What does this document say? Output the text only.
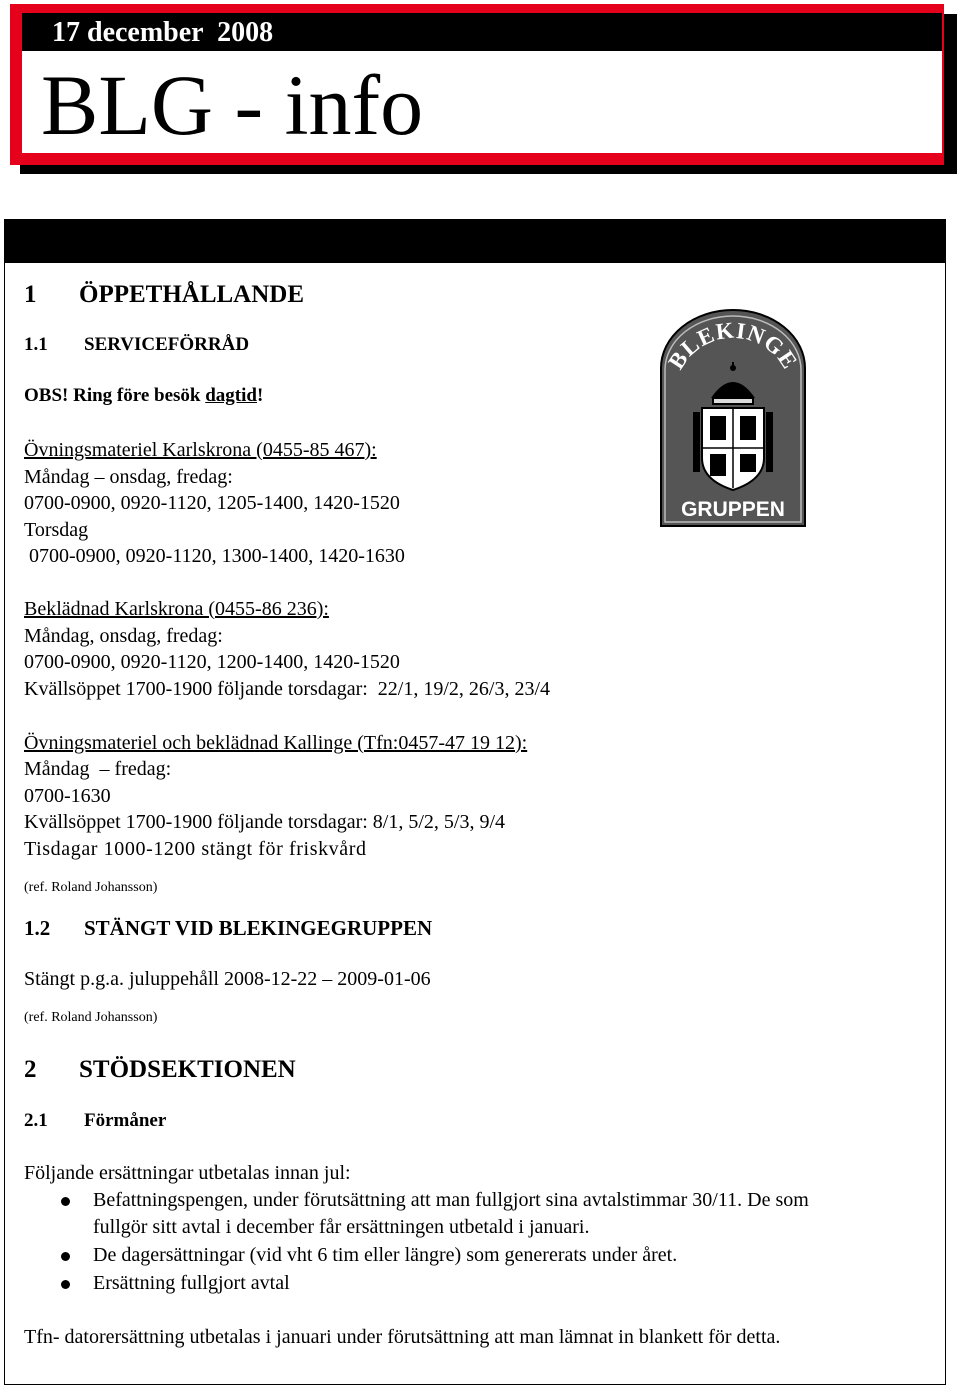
17 december  2008
BLG - info
1 ÖPPETHÅLLANDE
1.1 SERVICEFÖRRÅD
OBS! Ring före besök dagtid!
Övningsmateriel Karlskrona (0455-85 467):
Måndag – onsdag, fredag:
0700-0900, 0920-1120, 1205-1400, 1420-1520
Torsdag
0700-0900, 0920-1120, 1300-1400, 1420-1630
Beklädnad Karlskrona (0455-86 236):
Måndag, onsdag, fredag:
0700-0900, 0920-1120, 1200-1400, 1420-1520
Kvällsöppet 1700-1900 följande torsdagar:  22/1, 19/2, 26/3, 23/4
Övningsmateriel och beklädnad Kallinge (Tfn:0457-47 19 12):
Måndag  – fredag:
0700-1630
Kvällsöppet 1700-1900 följande torsdagar: 8/1, 5/2, 5/3, 9/4
Tisdagar 1000-1200 stängt för friskvård
(ref. Roland Johansson)
1.2 STÄNGT VID BLEKINGEGRUPPEN
Stängt p.g.a. juluppehåll 2008-12-22 – 2009-01-06
(ref. Roland Johansson)
2 STÖDSEKTIONEN
2.1 Förmåner
Följande ersättningar utbetalas innan jul:
Befattningspengen, under förutsättning att man fullgjort sina avtalstimmar 30/11. De som
fullgör sitt avtal i december får ersättningen utbetald i januari.
De dagersättningar (vid vht 6 tim eller längre) som genererats under året.
Ersättning fullgjort avtal
Tfn- datorersättning utbetalas i januari under förutsättning att man lämnat in blankett för detta.
BLEKINGE
GRUPPEN
